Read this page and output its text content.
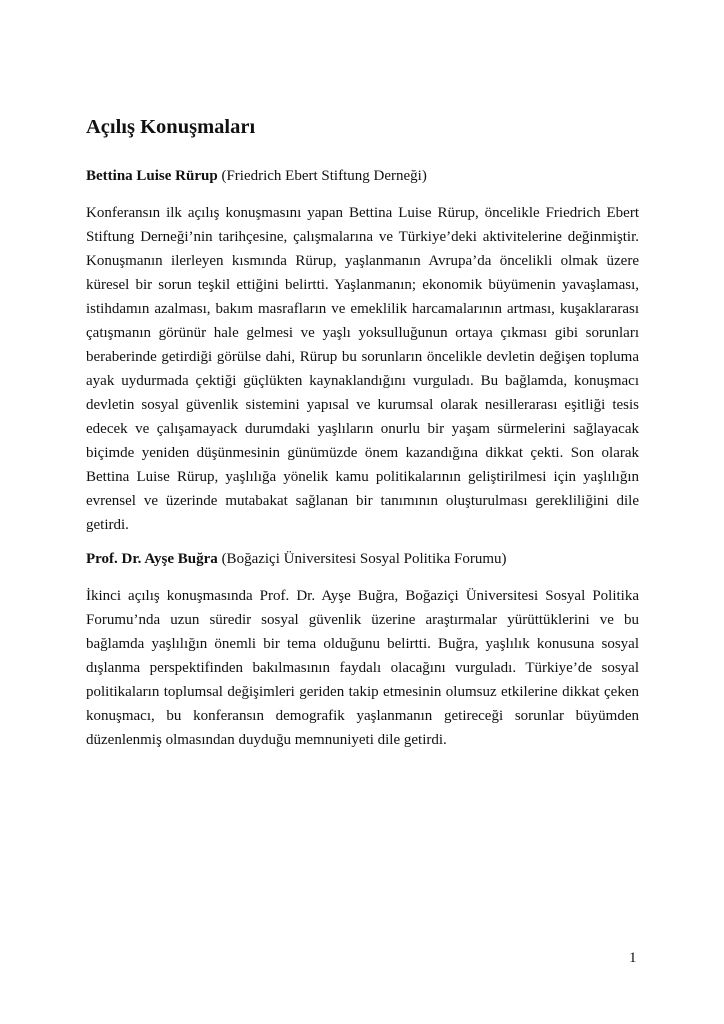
Açılış Konuşmaları

Bettina Luise Rürup (Friedrich Ebert Stiftung Derneği)

Konferansın ilk açılış konuşmasını yapan Bettina Luise Rürup, öncelikle Friedrich Ebert Stiftung Derneği’nin tarihçesine, çalışmalarına ve Türkiye’deki aktivitelerine değinmiştir. Konuşmanın ilerleyen kısmında Rürup, yaşlanmanın Avrupa’da öncelikli olmak üzere küresel bir sorun teşkil ettiğini belirtti. Yaşlanmanın; ekonomik büyümenin yavaşlaması, istihdamın azalması, bakım masrafların ve emeklilik harcamalarının artması, kuşaklararası çatışmanın görünür hale gelmesi ve yaşlı yoksulluğunun ortaya çıkması gibi sorunları beraberinde getirdiği görülse dahi, Rürup bu sorunların öncelikle devletin değişen topluma ayak uydurmada çektiği güçlükten kaynaklandığını vurguladı. Bu bağlamda, konuşmacı devletin sosyal güvenlik sistemini yapısal ve kurumsal olarak nesillerarası eşitliği tesis edecek ve çalışamayack durumdaki yaşlıların onurlu bir yaşam sürmelerini sağlayacak biçimde yeniden düşünmesinin günümüzde önem kazandığına dikkat çekti. Son olarak Bettina Luise Rürup, yaşlılığa yönelik kamu politikalarının geliştirilmesi için yaşlılığın evrensel ve üzerinde mutabakat sağlanan bir tanımının oluşturulması gerekliliğini dile getirdi.

Prof. Dr. Ayşe Buğra (Boğaziçi Üniversitesi Sosyal Politika Forumu)

İkinci açılış konuşmasında Prof. Dr. Ayşe Buğra, Boğaziçi Üniversitesi Sosyal Politika Forumu’nda uzun süredir sosyal güvenlik üzerine araştırmalar yürüttüklerini ve bu bağlamda yaşlılığın önemli bir tema olduğunu belirtti. Buğra, yaşlılık konusuna sosyal dışlanma perspektifinden bakılmasının faydalı olacağını vurguladı. Türkiye’de sosyal politikaların toplumsal değişimleri geriden takip etmesinin olumsuz etkilerine dikkat çeken konuşmacı, bu konferansın demografik yaşlanmanın getireceği sorunlar büyümden düzenlenmiş olmasından duyduğu memnuniyeti dile getirdi.

1
